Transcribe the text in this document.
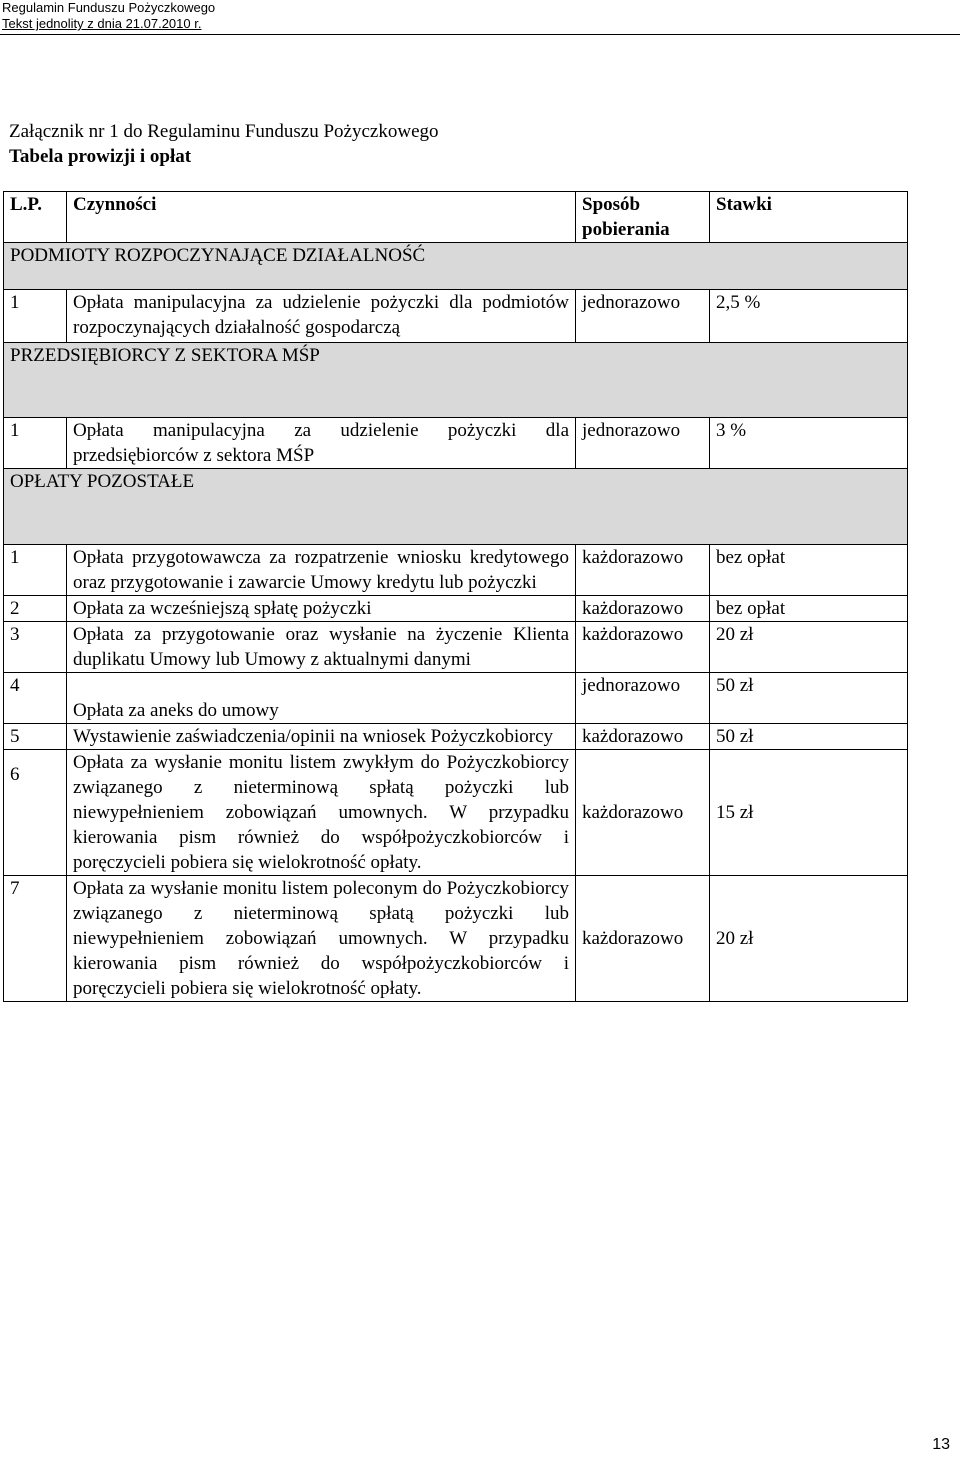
Regulamin Funduszu Pożyczkowego
Tekst jednolity z dnia 21.07.2010 r.
Załącznik nr 1 do Regulaminu Funduszu Pożyczkowego
Tabela prowizji i opłat
L.P.	Czynności	Sposób pobierania	Stawki
PODMIOTY ROZPOCZYNAJĄCE DZIAŁALNOŚĆ			
1	Opłata manipulacyjna za udzielenie pożyczki dla podmiotów rozpoczynających działalność gospodarczą	jednorazowo	2,5 %
PRZEDSIĘBIORCY Z SEKTORA MŚP			
1	Opłata manipulacyjna za udzielenie pożyczki dla przedsiębiorców z sektora MŚP	jednorazowo	3 %
OPŁATY POZOSTAŁE			

1	Opłata przygotowawcza za rozpatrzenie wniosku kredytowego oraz przygotowanie i zawarcie Umowy kredytu lub pożyczki	każdorazowo	bez opłat
2	Opłata za wcześniejszą spłatę pożyczki	każdorazowo	bez opłat
3	Opłata za przygotowanie oraz wysłanie na życzenie Klienta duplikatu Umowy lub Umowy z aktualnymi danymi	każdorazowo	20 zł
4	Opłata za aneks do umowy	jednorazowo	50 zł
5	Wystawienie zaświadczenia/opinii na wniosek Pożyczkobiorcy	każdorazowo	50 zł
6	Opłata za wysłanie monitu listem zwykłym do Pożyczkobiorcy związanego z nieterminową spłatą pożyczki lub niewypełnieniem zobowiązań umownych. W przypadku kierowania pism również do współpożyczkobiorców i poręczycieli pobiera się wielokrotność opłaty.	każdorazowo	15 zł
7	Opłata za wysłanie monitu listem poleconym do Pożyczkobiorcy związanego z nieterminową spłatą pożyczki lub niewypełnieniem zobowiązań umownych. W przypadku kierowania pism również do współpożyczkobiorców i poręczycieli pobiera się wielokrotność opłaty.	każdorazowo	20 zł
13
